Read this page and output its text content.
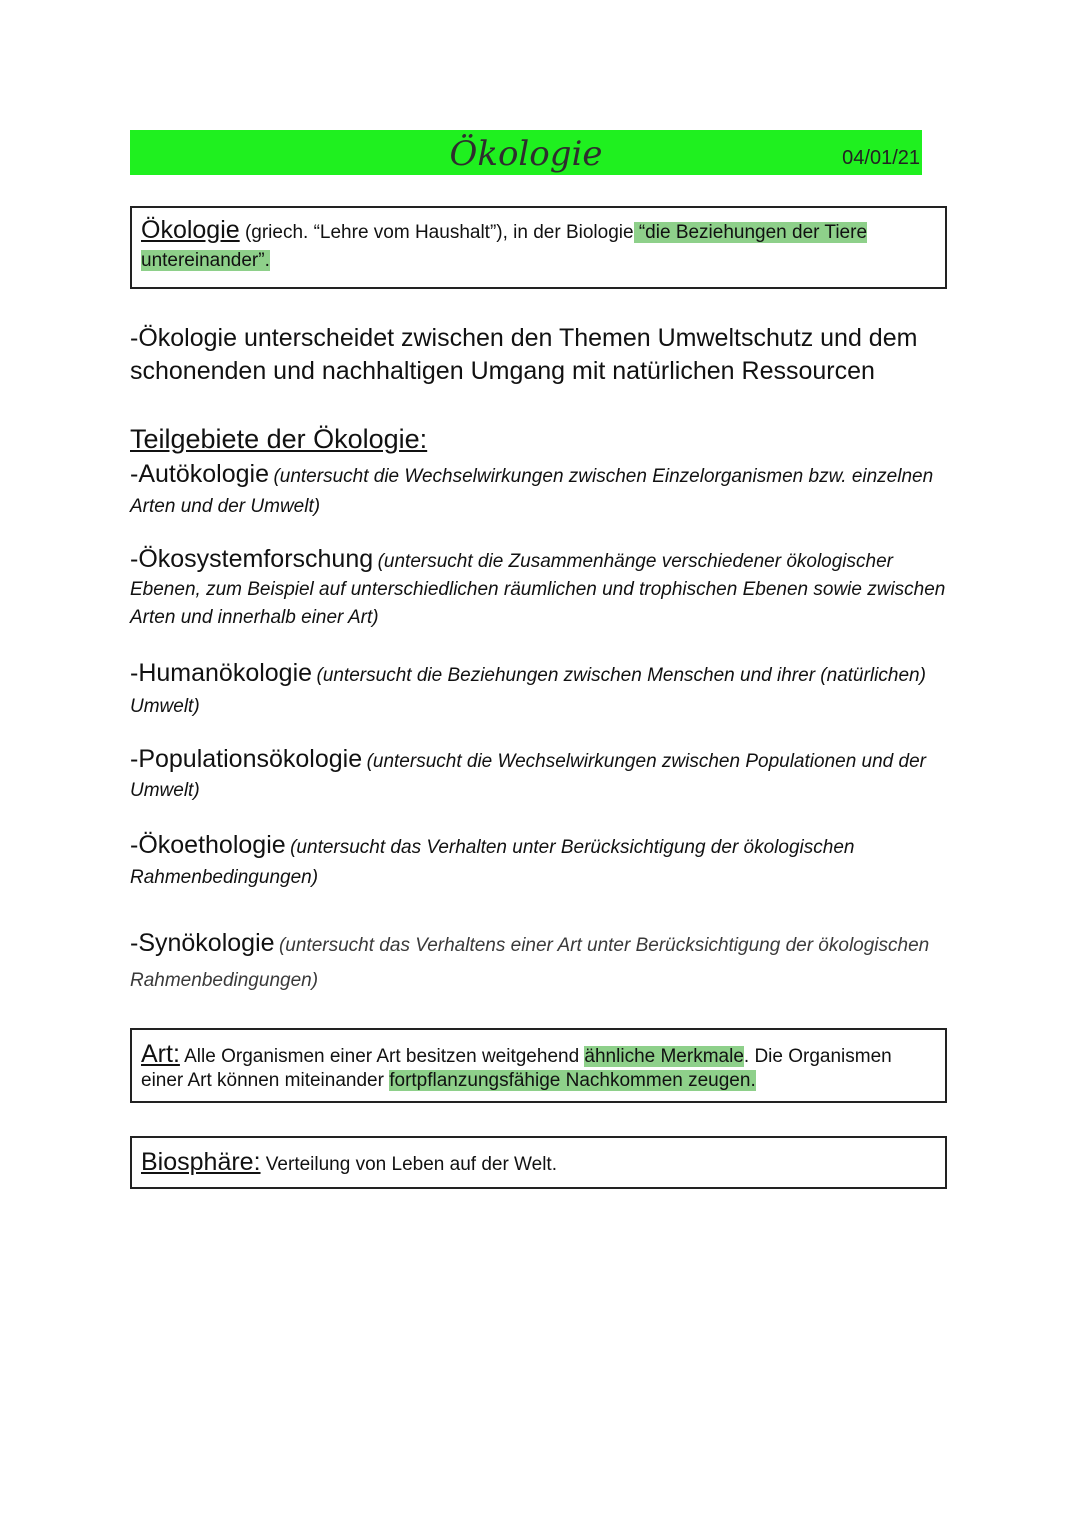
Ökologie	04/01/21
Ökologie (griech. “Lehre vom Haushalt”), in der Biologie “die Beziehungen der Tiere untereinander”.
-Ökologie unterscheidet zwischen den Themen Umweltschutz und dem schonenden und nachhaltigen Umgang mit natürlichen Ressourcen
Teilgebiete der Ökologie:
-Autökologie (untersucht die Wechselwirkungen zwischen Einzelorganismen bzw. einzelnen Arten und der Umwelt)
-Ökosystemforschung (untersucht die Zusammenhänge verschiedener ökologischer Ebenen, zum Beispiel auf unterschiedlichen räumlichen und trophischen Ebenen sowie zwischen Arten und innerhalb einer Art)
-Humanökologie (untersucht die Beziehungen zwischen Menschen und ihrer (natürlichen) Umwelt)
-Populationsökologie (untersucht die Wechselwirkungen zwischen Populationen und der Umwelt)
-Ökoethologie (untersucht das Verhalten unter Berücksichtigung der ökologischen Rahmenbedingungen)
-Synökologie (untersucht das Verhaltens einer Art unter Berücksichtigung der ökologischen Rahmenbedingungen)
Art: Alle Organismen einer Art besitzen weitgehend ähnliche Merkmale. Die Organismen einer Art können miteinander fortpflanzungsfähige Nachkommen zeugen.
Biosphäre: Verteilung von Leben auf der Welt.
